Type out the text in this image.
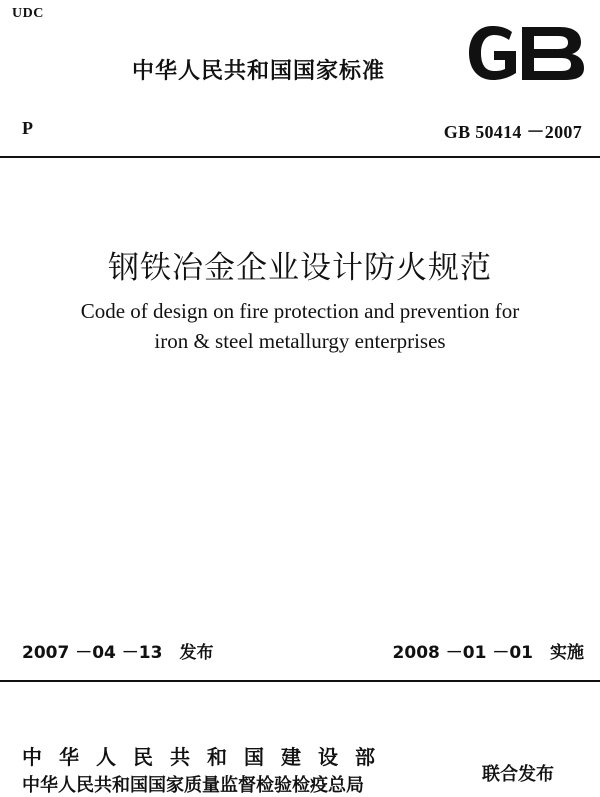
UDC
中华人民共和国国家标准
P	GB 50414 －2007
钢铁冶金企业设计防火规范
Code of design on fire protection and prevention for
iron & steel metallurgy enterprises
2007 －04 －13　发布	2008 －01 －01　实施
中华人民共和国建设部
中华人民共和国国家质量监督检验检疫总局
联合发布
